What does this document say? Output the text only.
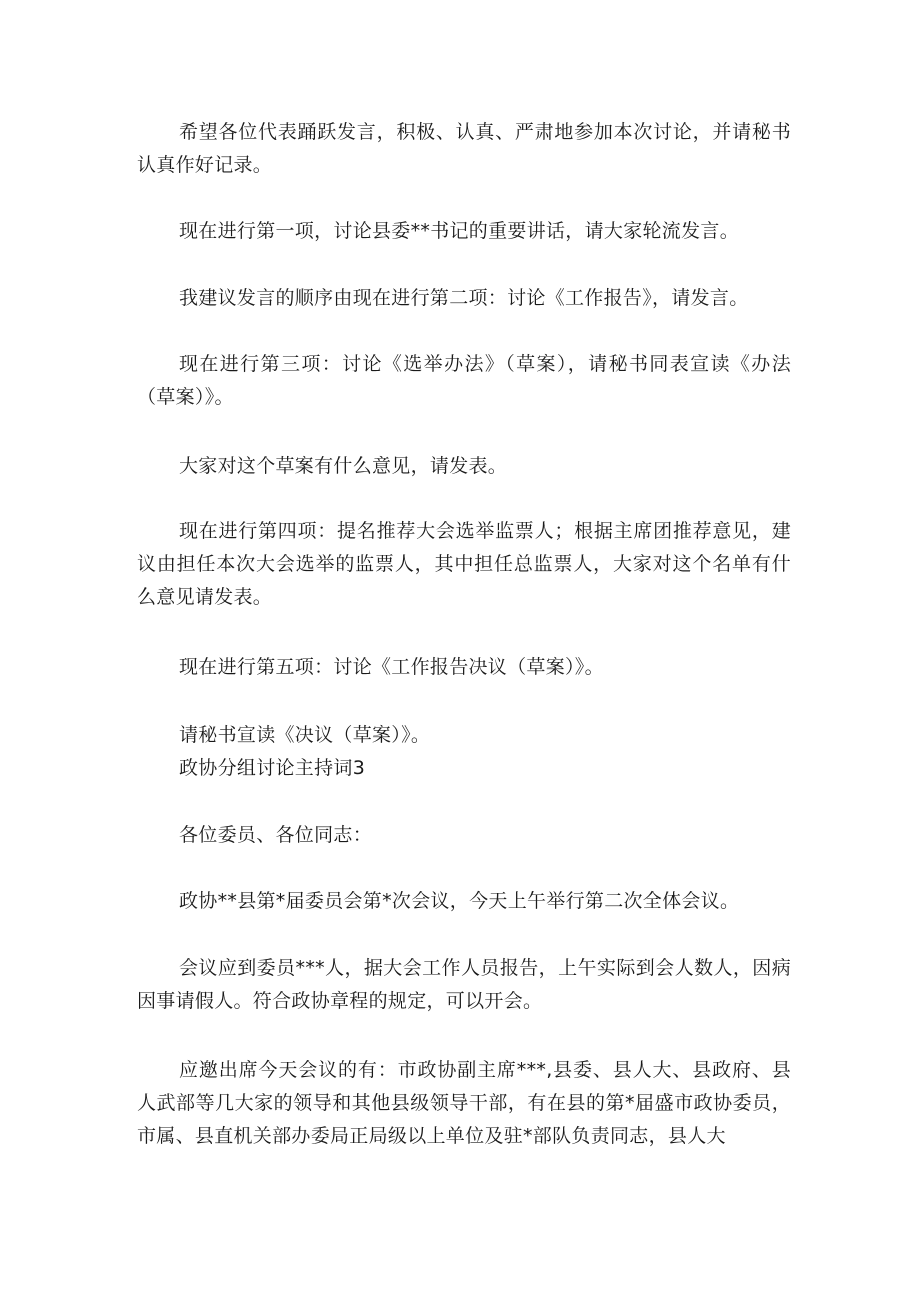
希望各位代表踊跃发言，积极、认真、严肃地参加本次讨论，并请秘书认真作好记录。

现在进行第一项，讨论县委**书记的重要讲话，请大家轮流发言。

我建议发言的顺序由现在进行第二项：讨论《工作报告》，请发言。

现在进行第三项：讨论《选举办法》（草案），请秘书同表宣读《办法（草案）》。

大家对这个草案有什么意见，请发表。

现在进行第四项：提名推荐大会选举监票人；根据主席团推荐意见，建议由担任本次大会选举的监票人，其中担任总监票人，大家对这个名单有什么意见请发表。

现在进行第五项：讨论《工作报告决议（草案）》。

请秘书宣读《决议（草案）》。

政协分组讨论主持词3

各位委员、各位同志：

政协**县第*届委员会第*次会议，今天上午举行第二次全体会议。

会议应到委员***人，据大会工作人员报告，上午实际到会人数人，因病因事请假人。符合政协章程的规定，可以开会。

应邀出席今天会议的有：市政协副主席***,县委、县人大、县政府、县人武部等几大家的领导和其他县级领导干部，有在县的第*届盛市政协委员，市属、县直机关部办委局正局级以上单位及驻*部队负责同志，县人大
